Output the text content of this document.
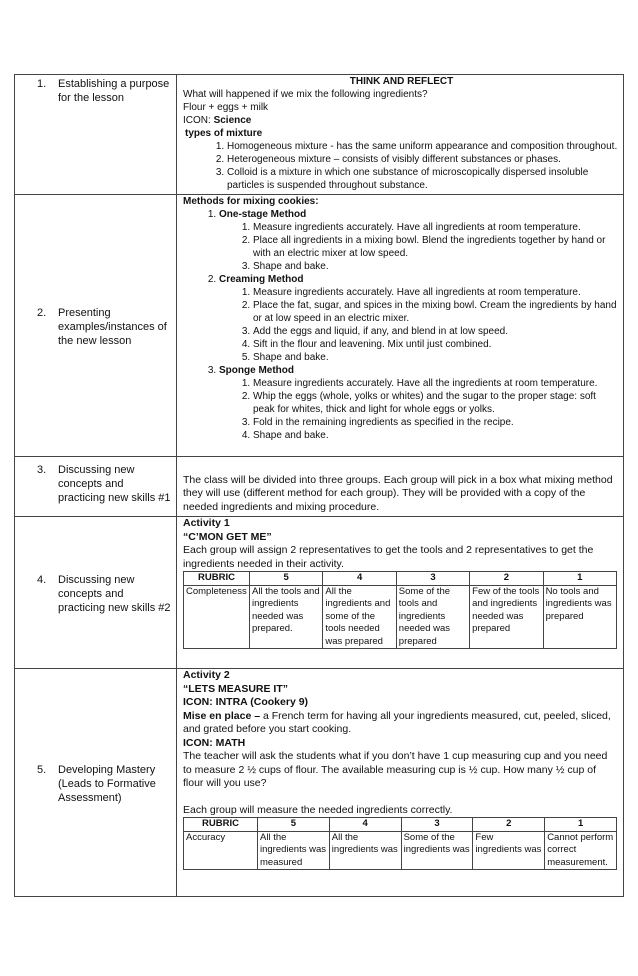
1.	Establishing a purpose for the lesson

THINK AND REFLECT
What will happened if we mix the following ingredients?
Flour + eggs + milk
ICON: Science
types of mixture
1. Homogeneous mixture - has the same uniform appearance and composition throughout.
2. Heterogeneous mixture – consists of visibly different substances or phases.
3. Colloid is a mixture in which one substance of microscopically dispersed insoluble particles is suspended throughout substance.

2.	Presenting examples/instances of the new lesson

Methods for mixing cookies:
1. One-stage Method
1. Measure ingredients accurately. Have all ingredients at room temperature.
2. Place all ingredients in a mixing bowl. Blend the ingredients together by hand or with an electric mixer at low speed.
3. Shape and bake.
2. Creaming Method
1. Measure ingredients accurately. Have all ingredients at room temperature.
2. Place the fat, sugar, and spices in the mixing bowl. Cream the ingredients by hand or at low speed in an electric mixer.
3. Add the eggs and liquid, if any, and blend in at low speed.
4. Sift in the flour and leavening. Mix until just combined.
5. Shape and bake.
3. Sponge Method
1. Measure ingredients accurately. Have all the ingredients at room temperature.
2. Whip the eggs (whole, yolks or whites) and the sugar to the proper stage: soft peak for whites, thick and light for whole eggs or yolks.
3. Fold in the remaining ingredients as specified in the recipe.
4. Shape and bake.

3.	Discussing new concepts and practicing new skills #1

The class will be divided into three groups. Each group will pick in a box what mixing method they will use (different method for each group). They will be provided with a copy of the needed ingredients and mixing procedure.

4.	Discussing new concepts and practicing new skills #2

Activity 1
“C’MON GET ME”
Each group will assign 2 representatives to get the tools and 2 representatives to get the ingredients needed in their activity.
RUBRIC	5	4	3	2	1
Completeness	All the tools and ingredients needed was prepared.	All the ingredients and some of the tools needed was prepared	Some of the tools and ingredients needed was prepared	Few of the tools and ingredients needed was prepared	No tools and ingredients was prepared

5.	Developing Mastery (Leads to Formative Assessment)

Activity 2
“LETS MEASURE IT”
ICON: INTRA (Cookery 9)
Mise en place – a French term for having all your ingredients measured, cut, peeled, sliced, and grated before you start cooking.
ICON: MATH
The teacher will ask the students what if you don’t have 1 cup measuring cup and you need to measure 2 ½ cups of flour. The available measuring cup is ½ cup. How many ½ cup of flour will you use?
Each group will measure the needed ingredients correctly.
RUBRIC	5	4	3	2	1
Accuracy	All the ingredients was measured	All the ingredients was	Some of the ingredients was	Few ingredients was	Cannot perform correct measurement.
